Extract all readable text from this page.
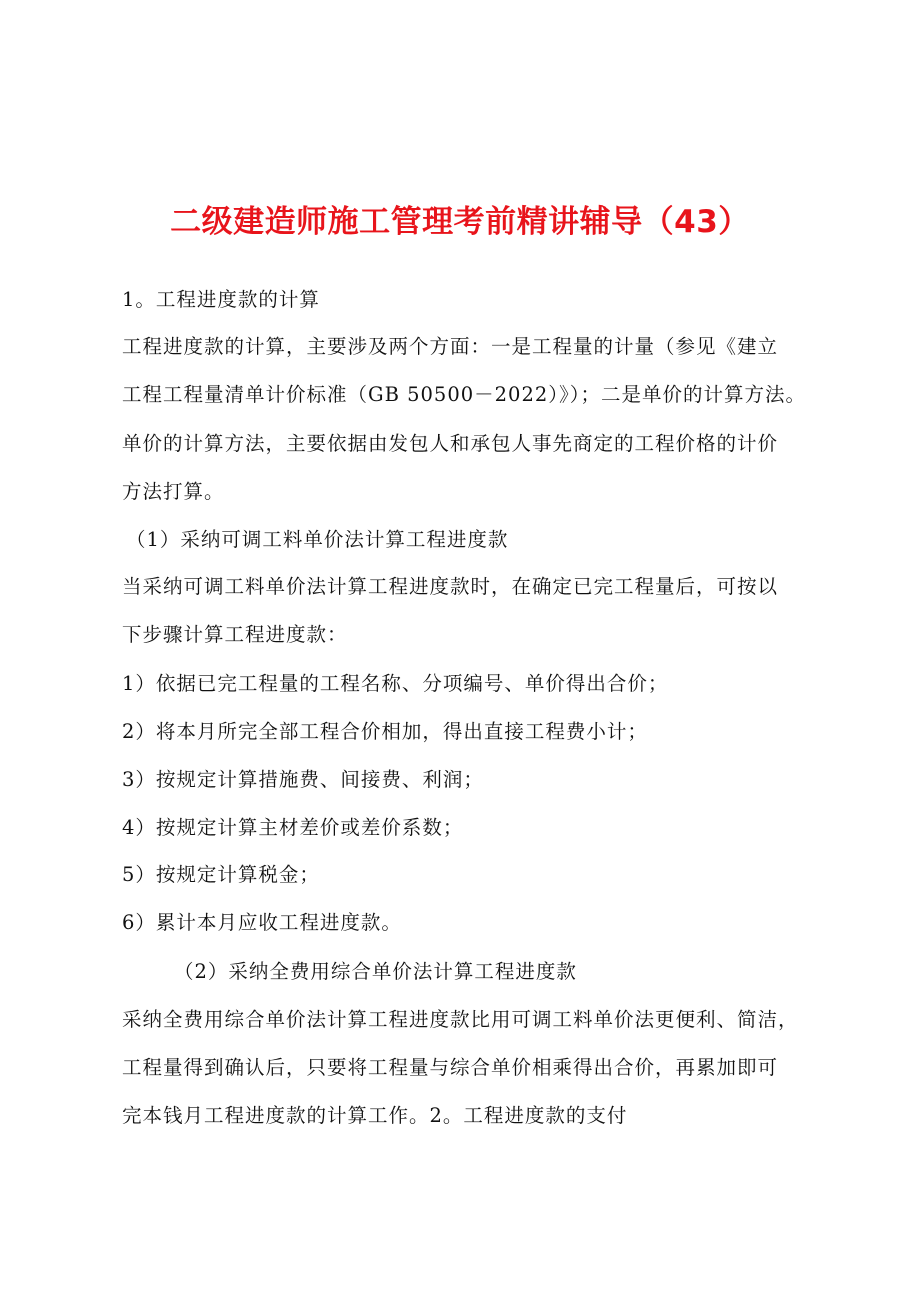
二级建造师施工管理考前精讲辅导（43）
1。工程进度款的计算
工程进度款的计算，主要涉及两个方面：一是工程量的计量（参见《建立
工程工程量清单计价标准（GB 50500－2022）》）；二是单价的计算方法。
单价的计算方法，主要依据由发包人和承包人事先商定的工程价格的计价
方法打算。
（1）采纳可调工料单价法计算工程进度款
当采纳可调工料单价法计算工程进度款时，在确定已完工程量后，可按以
下步骤计算工程进度款：
1）依据已完工程量的工程名称、分项编号、单价得出合价；
2）将本月所完全部工程合价相加，得出直接工程费小计；
3）按规定计算措施费、间接费、利润；
4）按规定计算主材差价或差价系数；
5）按规定计算税金；
6）累计本月应收工程进度款。
（2）采纳全费用综合单价法计算工程进度款
采纳全费用综合单价法计算工程进度款比用可调工料单价法更便利、简洁，
工程量得到确认后，只要将工程量与综合单价相乘得出合价，再累加即可
完本钱月工程进度款的计算工作。2。工程进度款的支付
